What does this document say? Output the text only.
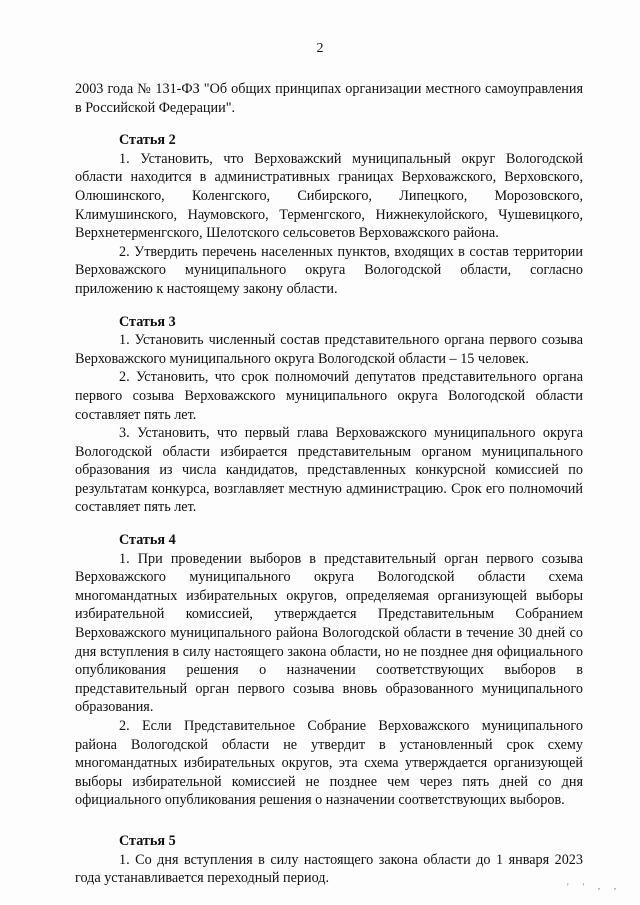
2

2003 года № 131-ФЗ "Об общих принципах организации местного самоуправления в Российской Федерации".

Статья 2

1. Установить, что Верховажский муниципальный округ Вологодской области находится в административных границах Верховажского, Верховского, Олюшинского, Коленгского, Сибирского, Липецкого, Морозовского, Климушинского, Наумовского, Терменгского, Нижнекулойского, Чушевицкого, Верхнетерменгского, Шелотского сельсоветов Верховажского района.

2. Утвердить перечень населенных пунктов, входящих в состав территории Верховажского муниципального округа Вологодской области, согласно приложению к настоящему закону области.

Статья 3

1. Установить численный состав представительного органа первого созыва Верховажского муниципального округа Вологодской области – 15 человек.

2. Установить, что срок полномочий депутатов представительного органа первого созыва Верховажского муниципального округа Вологодской области составляет пять лет.

3. Установить, что первый глава Верховажского муниципального округа Вологодской области избирается представительным органом муниципального образования из числа кандидатов, представленных конкурсной комиссией по результатам конкурса, возглавляет местную администрацию. Срок его полномочий составляет пять лет.

Статья 4

1. При проведении выборов в представительный орган первого созыва Верховажского муниципального округа Вологодской области схема многомандатных избирательных округов, определяемая организующей выборы избирательной комиссией, утверждается Представительным Собранием Верховажского муниципального района Вологодской области в течение 30 дней со дня вступления в силу настоящего закона области, но не позднее дня официального опубликования решения о назначении соответствующих выборов в представительный орган первого созыва вновь образованного муниципального образования.

2. Если Представительное Собрание Верховажского муниципального района Вологодской области не утвердит в установленный срок схему многомандатных избирательных округов, эта схема утверждается организующей выборы избирательной комиссией не позднее чем через пять дней со дня официального опубликования решения о назначении соответствующих выборов.

Статья 5

1. Со дня вступления в силу настоящего закона области до 1 января 2023 года устанавливается переходный период.

' ' , ,
